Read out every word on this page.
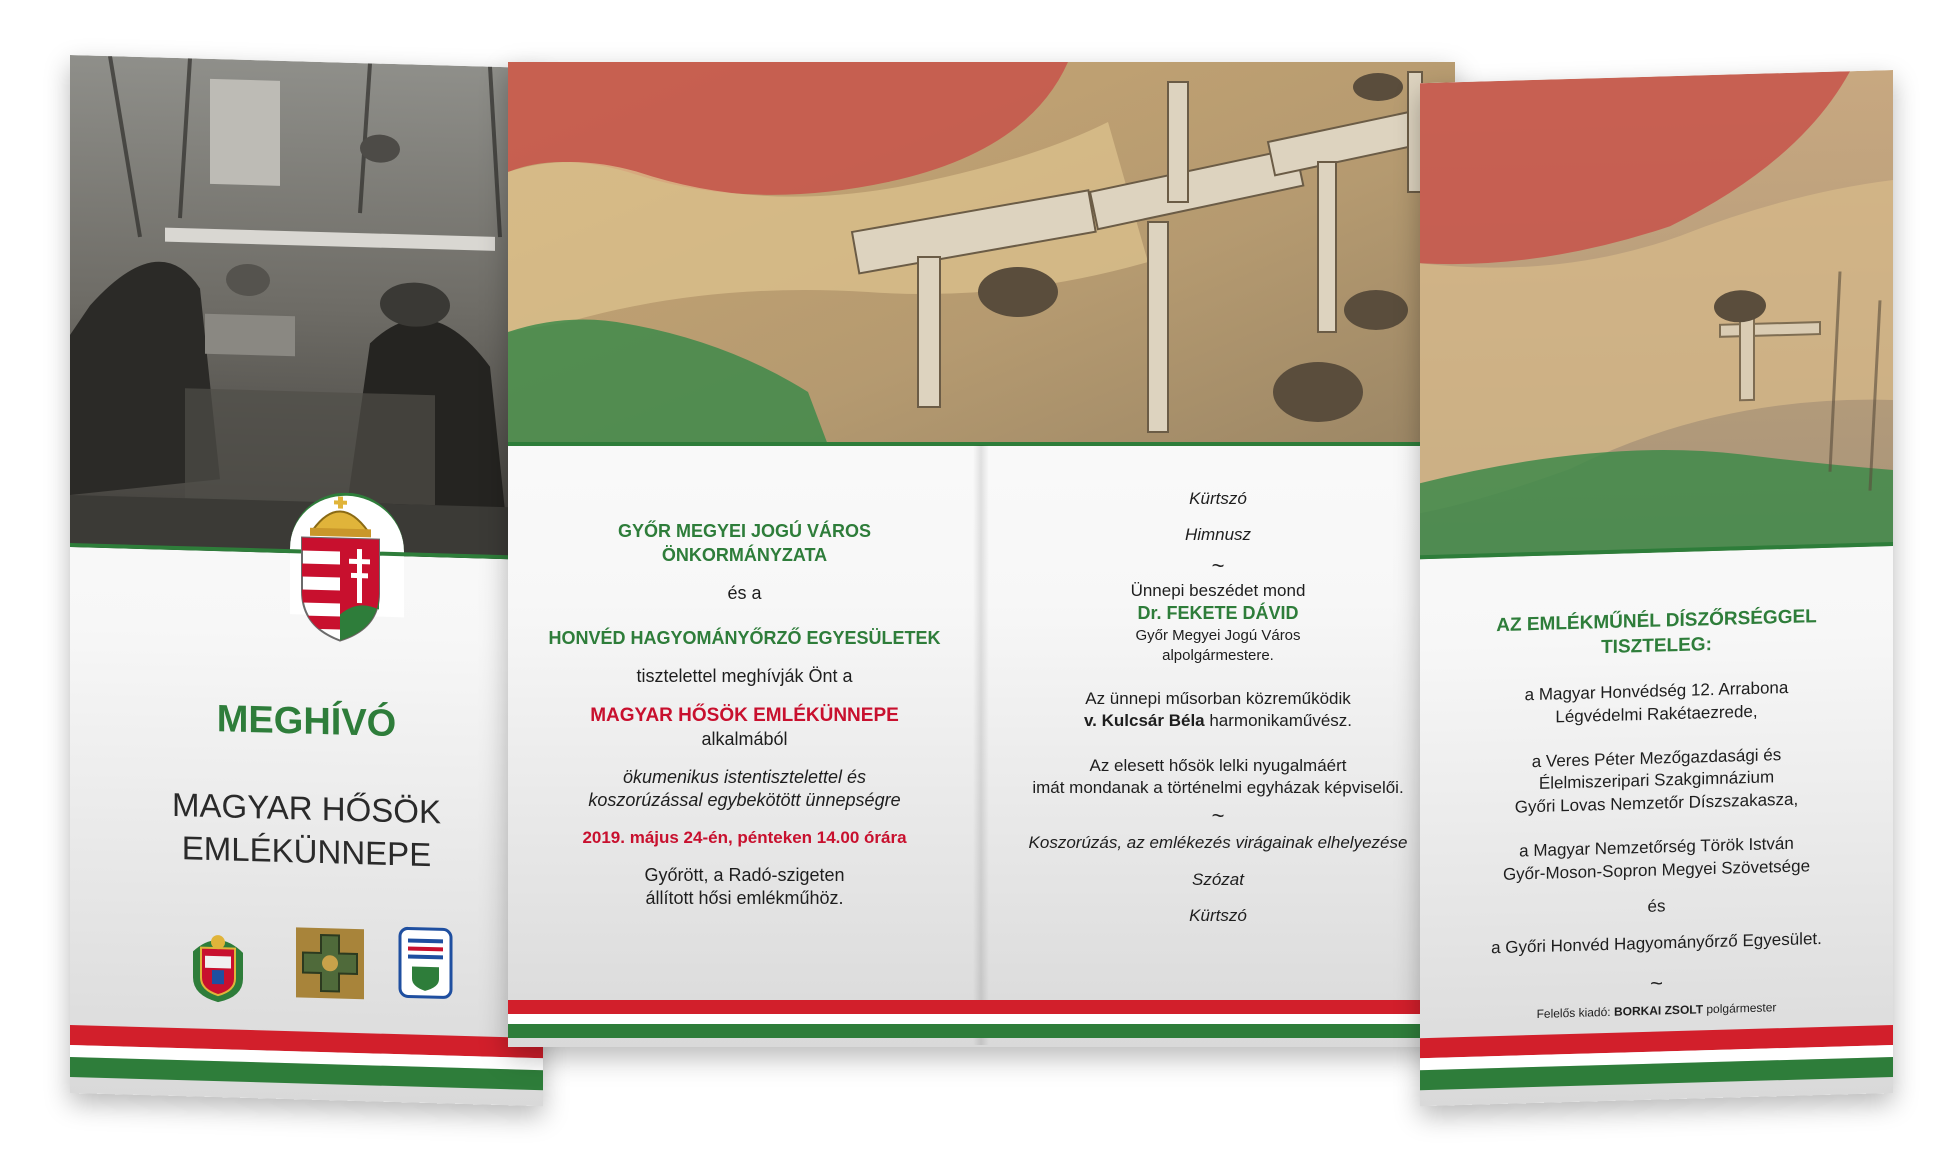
MEGHÍVÓ
MAGYAR HŐSÖK
EMLÉKÜNNEPE
GYŐR MEGYEI JOGÚ VÁROS
ÖNKORMÁNYZATA
és a
HONVÉD HAGYOMÁNYŐRZŐ EGYESÜLETEK
tisztelettel meghívják Önt a
MAGYAR HŐSÖK EMLÉKÜNNEPE
alkalmából
ökumenikus istentisztelettel és
koszorúzással egybekötött ünnepségre
2019. május 24-én, pénteken 14.00 órára
Győrött, a Radó-szigeten
állított hősi emlékműhöz.
Kürtszó
Himnusz
~
Ünnepi beszédet mond
Dr. FEKETE DÁVID
Győr Megyei Jogú Város
alpolgármestere.
Az ünnepi műsorban közreműködik
v. Kulcsár Béla harmonikaművész.
Az elesett hősök lelki nyugalmáért
imát mondanak a történelmi egyházak képviselői.
~
Koszorúzás, az emlékezés virágainak elhelyezése
Szózat
Kürtszó
AZ EMLÉKMŰNÉL DÍSZŐRSÉGGEL
TISZTELEG:
a Magyar Honvédség 12. Arrabona
Légvédelmi Rakétaezrede,
a Veres Péter Mezőgazdasági és
Élelmiszeripari Szakgimnázium
Győri Lovas Nemzetőr Díszszakasza,
a Magyar Nemzetőrség Török István
Győr-Moson-Sopron Megyei Szövetsége
és
a Győri Honvéd Hagyományőrző Egyesület.
~
Felelős kiadó: BORKAI ZSOLT polgármester
